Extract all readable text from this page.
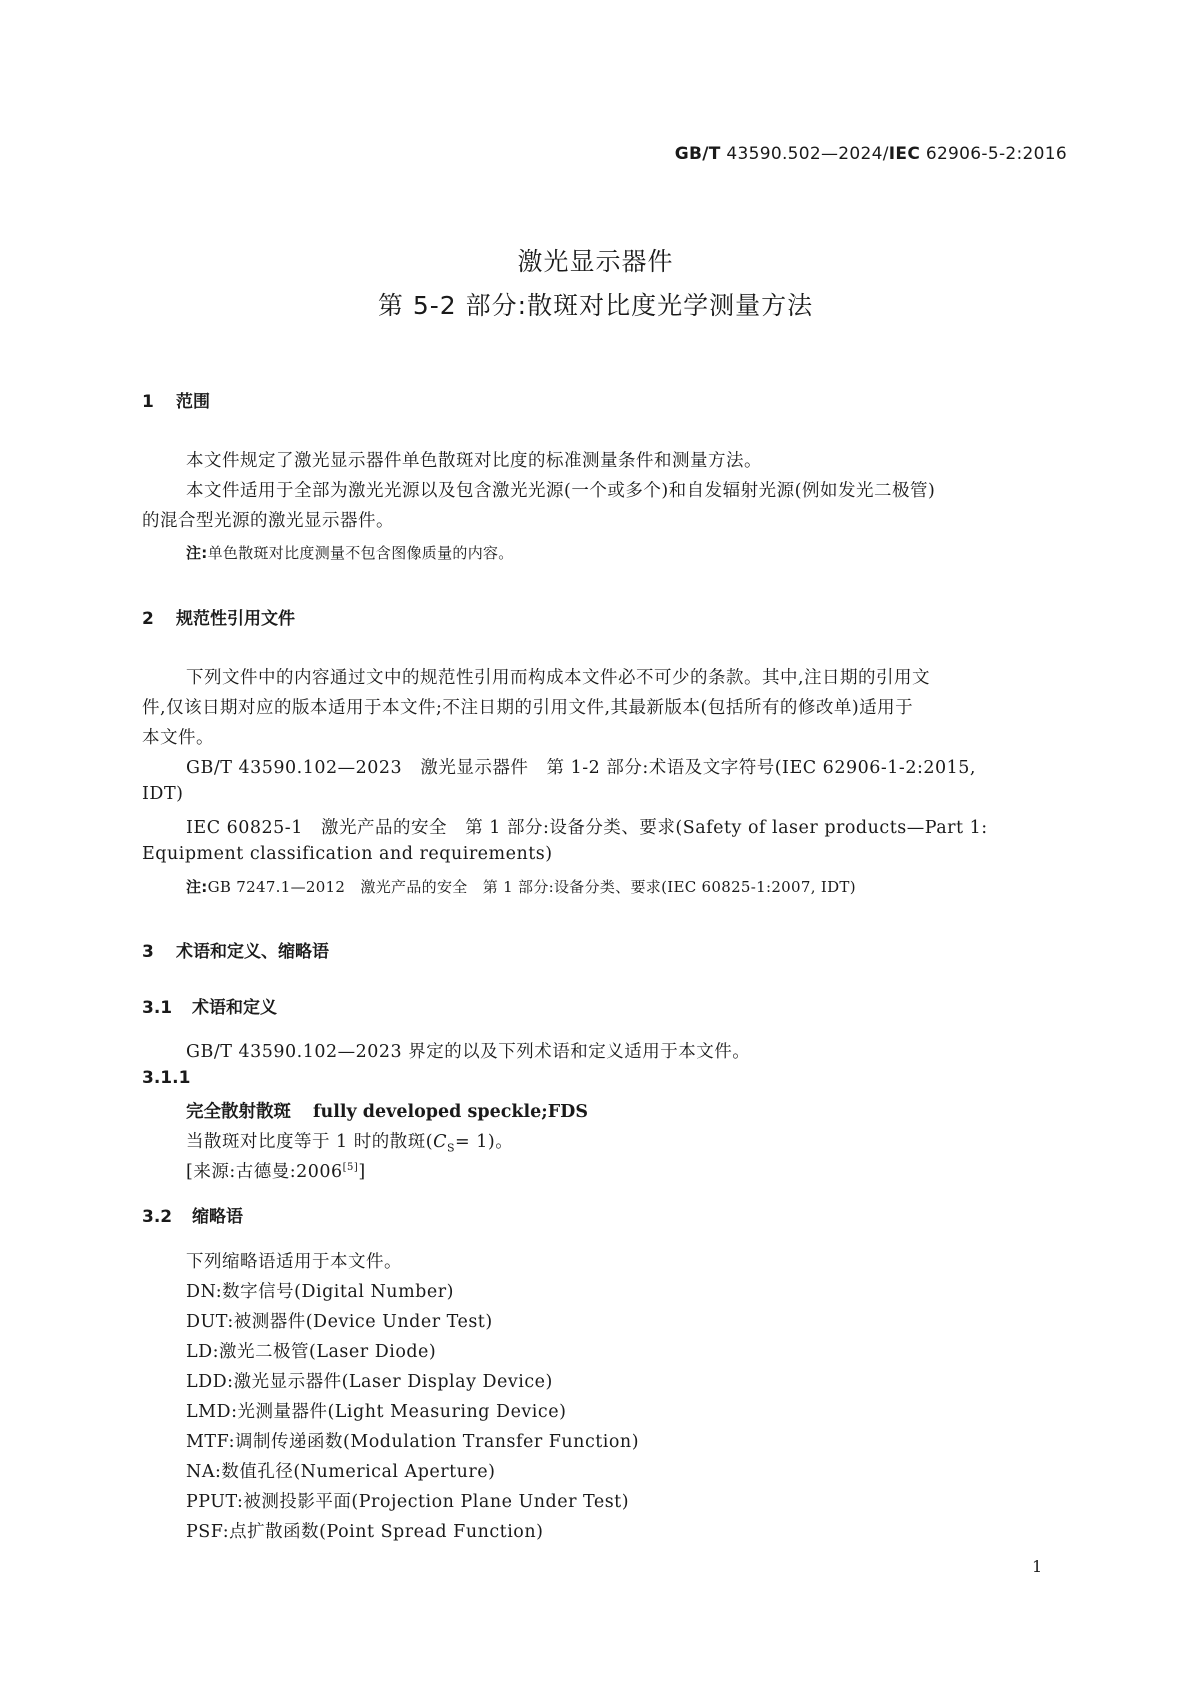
GB/T 43590.502—2024/IEC 62906-5-2:2016
激光显示器件
第 5-2 部分:散斑对比度光学测量方法
1 范围
本文件规定了激光显示器件单色散斑对比度的标准测量条件和测量方法。
本文件适用于全部为激光光源以及包含激光光源(一个或多个)和自发辐射光源(例如发光二极管)
的混合型光源的激光显示器件。
注:单色散斑对比度测量不包含图像质量的内容。
2 规范性引用文件
下列文件中的内容通过文中的规范性引用而构成本文件必不可少的条款。其中,注日期的引用文
件,仅该日期对应的版本适用于本文件;不注日期的引用文件,其最新版本(包括所有的修改单)适用于
本文件。
GB/T 43590.102—2023   激光显示器件   第 1-2 部分:术语及文字符号(IEC 62906-1-2:2015,
IDT)
IEC 60825-1   激光产品的安全   第 1 部分:设备分类、要求(Safety of laser products—Part 1:
Equipment classification and requirements)
注:GB 7247.1—2012   激光产品的安全   第 1 部分:设备分类、要求(IEC 60825-1:2007, IDT)
3 术语和定义、缩略语
3.1 术语和定义
GB/T 43590.102—2023 界定的以及下列术语和定义适用于本文件。
3.1.1
完全散射散斑 fully developed speckle;FDS
当散斑对比度等于 1 时的散斑$(C_S= 1)$。
[来源:古德曼:2006[5]]
3.2 缩略语
下列缩略语适用于本文件。
DN:数字信号(Digital Number)
DUT:被测器件(Device Under Test)
LD:激光二极管(Laser Diode)
LDD:激光显示器件(Laser Display Device)
LMD:光测量器件(Light Measuring Device)
MTF:调制传递函数(Modulation Transfer Function)
NA:数值孔径(Numerical Aperture)
PPUT:被测投影平面(Projection Plane Under Test)
PSF:点扩散函数(Point Spread Function)
1
